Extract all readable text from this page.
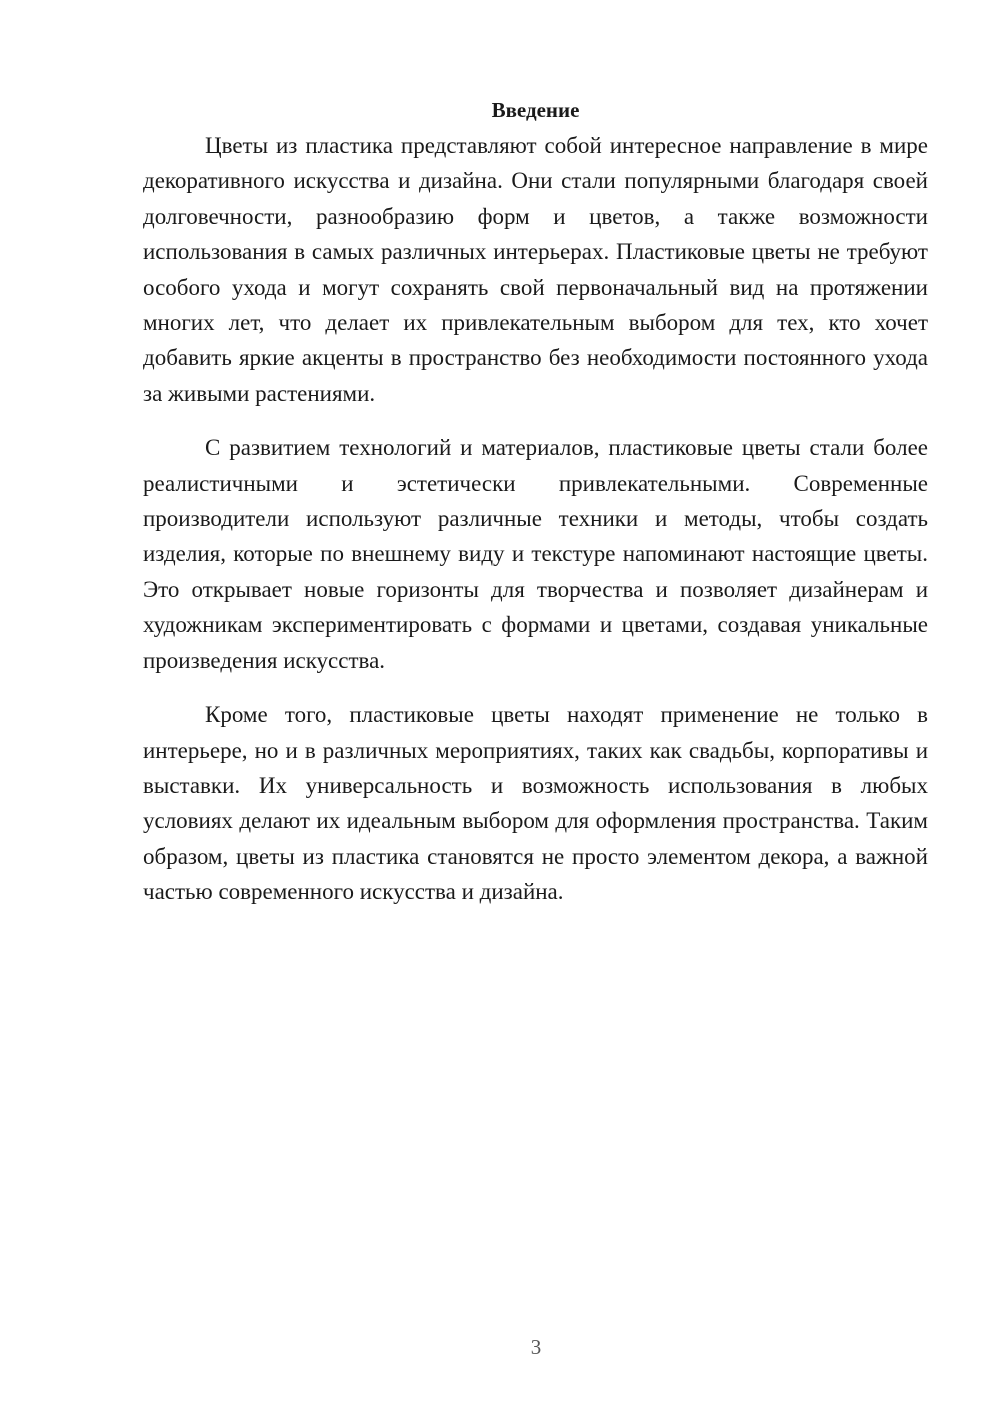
Введение

Цветы из пластика представляют собой интересное направление в мире декоративного искусства и дизайна. Они стали популярными благодаря своей долговечности, разнообразию форм и цветов, а также возможности использования в самых различных интерьерах. Пластиковые цветы не требуют особого ухода и могут сохранять свой первоначальный вид на протяжении многих лет, что делает их привлекательным выбором для тех, кто хочет добавить яркие акценты в пространство без необходимости постоянного ухода за живыми растениями.

С развитием технологий и материалов, пластиковые цветы стали более реалистичными и эстетически привлекательными. Современные производители используют различные техники и методы, чтобы создать изделия, которые по внешнему виду и текстуре напоминают настоящие цветы. Это открывает новые горизонты для творчества и позволяет дизайнерам и художникам экспериментировать с формами и цветами, создавая уникальные произведения искусства.

Кроме того, пластиковые цветы находят применение не только в интерьере, но и в различных мероприятиях, таких как свадьбы, корпоративы и выставки. Их универсальность и возможность использования в любых условиях делают их идеальным выбором для оформления пространства. Таким образом, цветы из пластика становятся не просто элементом декора, а важной частью современного искусства и дизайна.

3
